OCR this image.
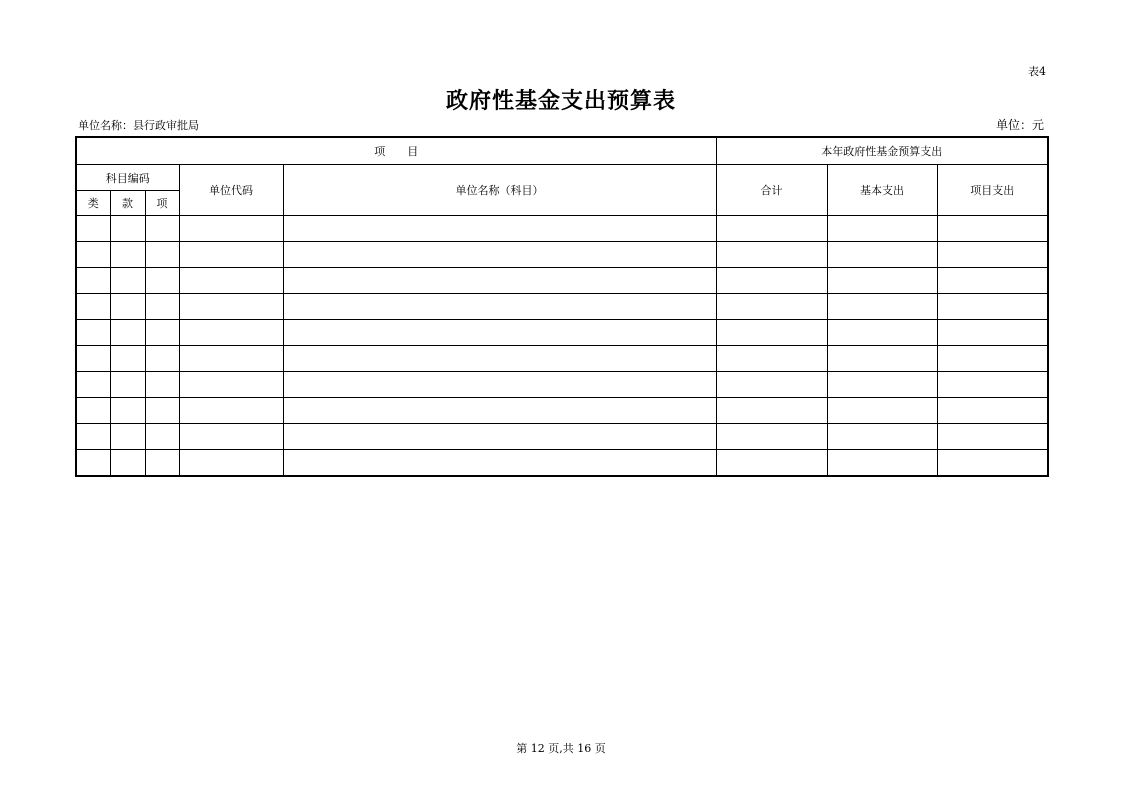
表4
政府性基金支出预算表
单位名称：县行政审批局	单位：元
项　　目					本年政府性基金预算支出		
科目编码			单位代码	单位名称（科目）	合计	基本支出	项目支出
类	款	项					

第 12 页,共 16 页
